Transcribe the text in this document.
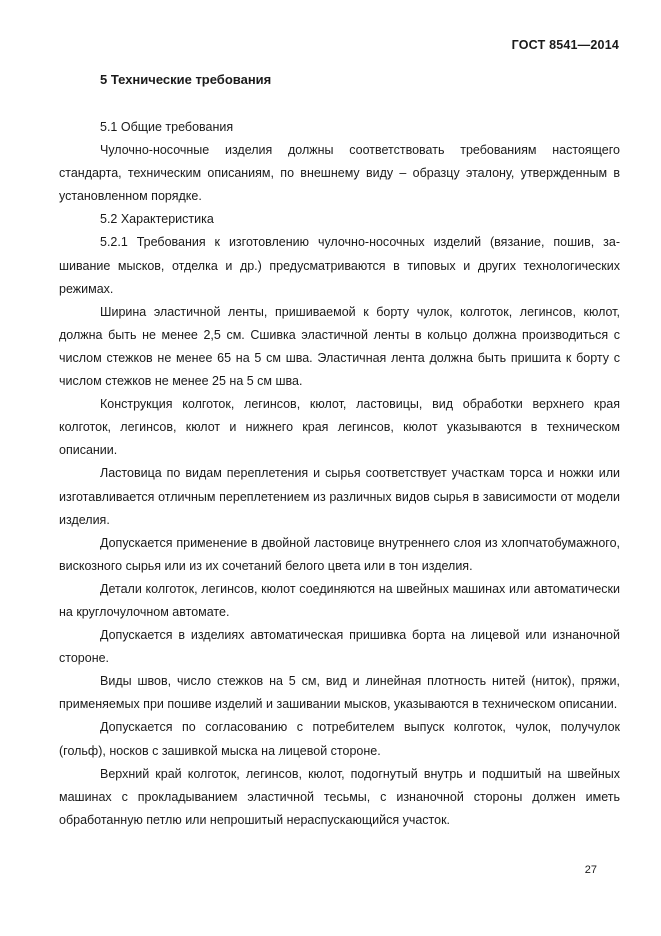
ГОСТ 8541—2014
5 Технические требования

5.1 Общие требования

Чулочно-носочные изделия должны соответствовать требованиям настоящего стандарта, техническим описаниям, по внешнему виду – образцу эталону, утвержденным в установленном порядке.

5.2 Характеристика

5.2.1 Требования к изготовлению чулочно-носочных изделий (вязание, пошив, зашивание мысков, отделка и др.) предусматриваются в типовых и других технологических режимах.

Ширина эластичной ленты, пришиваемой к борту чулок, колготок, легинсов, кюлот, должна быть не менее 2,5 см. Сшивка эластичной ленты в кольцо должна производиться с числом стежков не менее 65 на 5 см шва. Эластичная лента должна быть пришита к борту с числом стежков не менее 25 на 5 см шва.

Конструкция колготок, легинсов, кюлот, ластовицы, вид обработки верхнего края колготок, легинсов, кюлот и нижнего края легинсов, кюлот указываются в техническом описании.

Ластовица по видам переплетения и сырья соответствует участкам торса и ножки или изготавливается отличным переплетением из различных видов сырья в зависимости от модели изделия.

Допускается применение в двойной ластовице внутреннего слоя из хлопчатобумажного, вискозного сырья или из их сочетаний белого цвета или в тон изделия.

Детали колготок, легинсов, кюлот соединяются на швейных машинах или автоматически на круглочулочном автомате.

Допускается в изделиях автоматическая пришивка борта на лицевой или изнаночной стороне.

Виды швов, число стежков на 5 см, вид и линейная плотность нитей (ниток), пряжи, применяемых при пошиве изделий и зашивании мысков, указываются в техническом описании.

Допускается по согласованию с потребителем выпуск колготок, чулок, получулок (гольф), носков с зашивкой мыска на лицевой стороне.

Верхний край колготок, легинсов, кюлот, подогнутый внутрь и подшитый на швейных машинах с прокладыванием эластичной тесьмы, с изнаночной стороны должен иметь обработанную петлю или непрошитый нераспускающийся участок.

27
